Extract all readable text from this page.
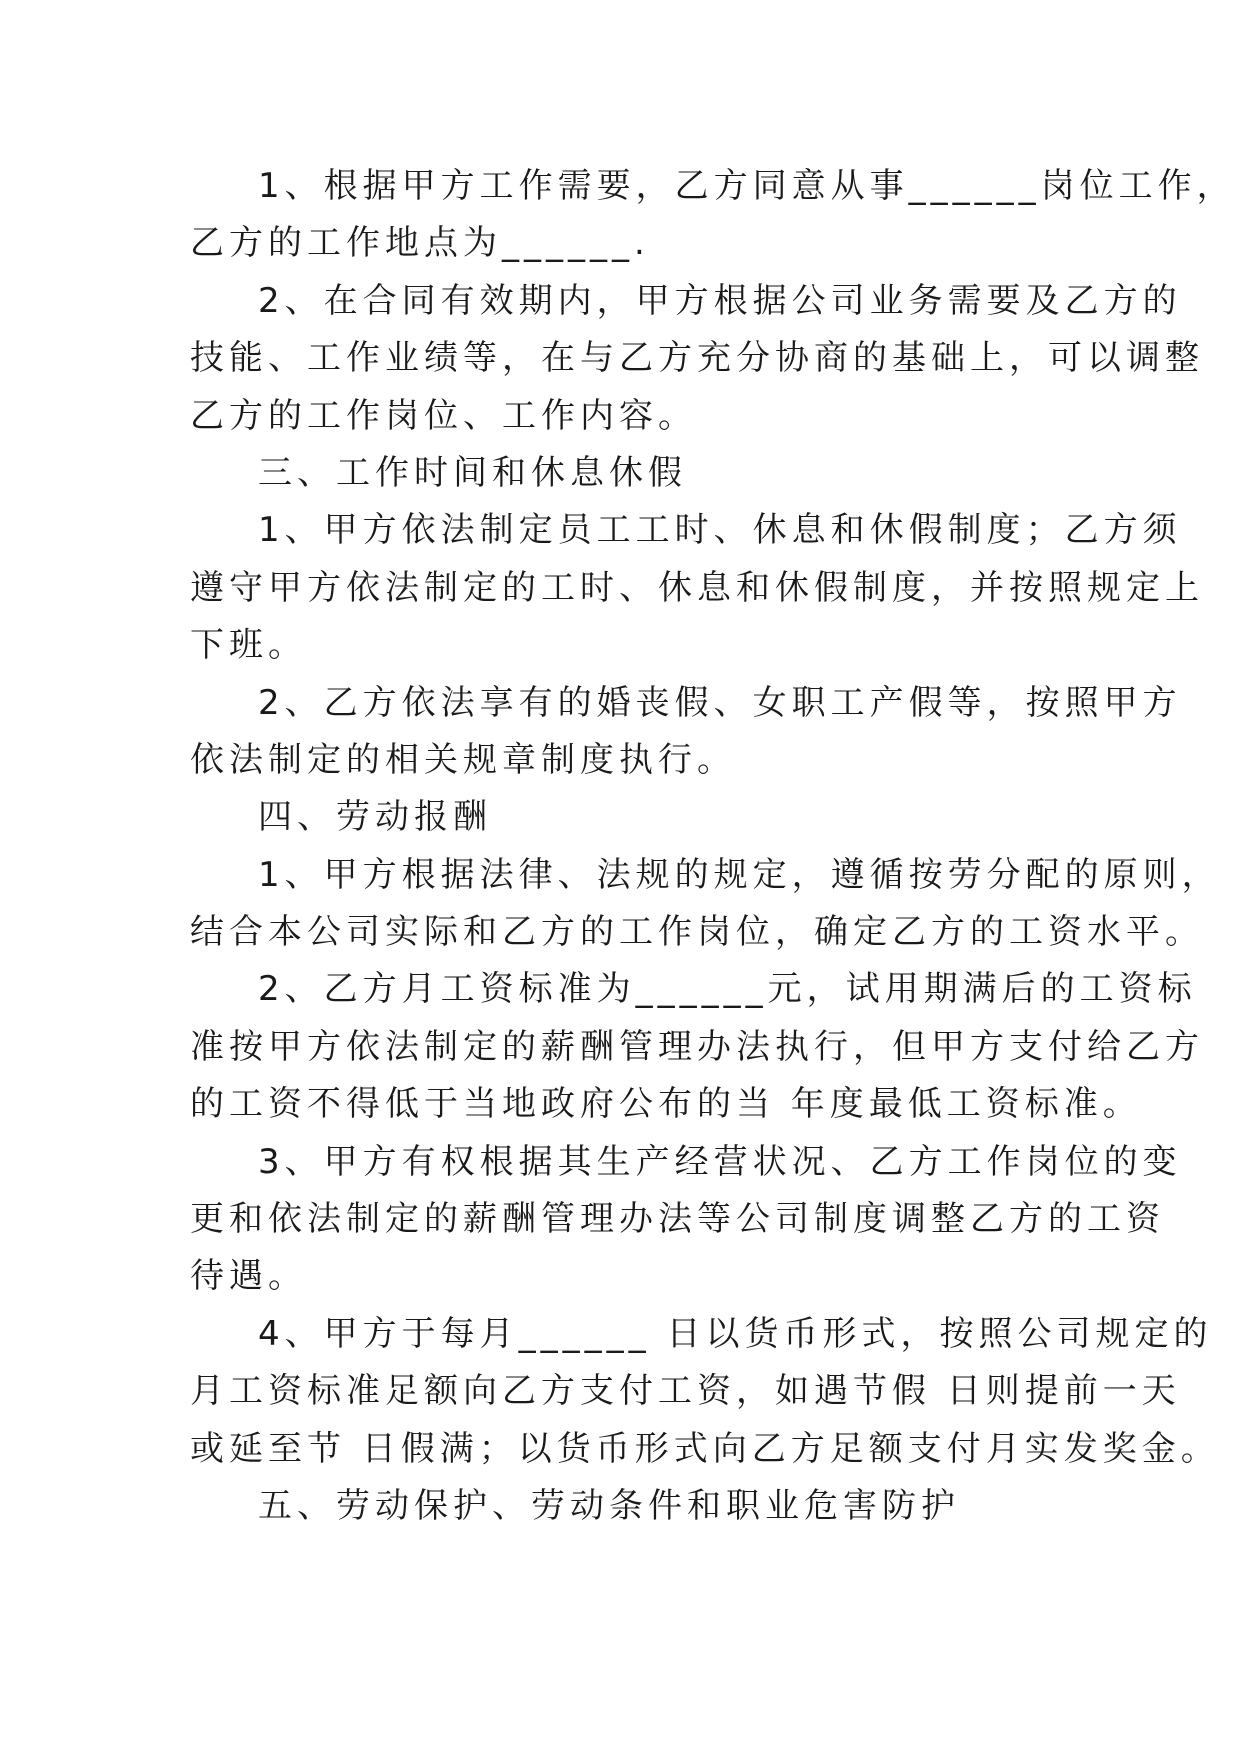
1、根据甲方工作需要，乙方同意从事______岗位工作，
乙方的工作地点为______.
2、在合同有效期内，甲方根据公司业务需要及乙方的
技能、工作业绩等，在与乙方充分协商的基础上，可以调整
乙方的工作岗位、工作内容。
三、工作时间和休息休假
1、甲方依法制定员工工时、休息和休假制度；乙方须
遵守甲方依法制定的工时、休息和休假制度，并按照规定上
下班。
2、乙方依法享有的婚丧假、女职工产假等，按照甲方
依法制定的相关规章制度执行。
四、劳动报酬
1、甲方根据法律、法规的规定，遵循按劳分配的原则，
结合本公司实际和乙方的工作岗位，确定乙方的工资水平。
2、乙方月工资标准为______元，试用期满后的工资标
准按甲方依法制定的薪酬管理办法执行，但甲方支付给乙方
的工资不得低于当地政府公布的当 年度最低工资标准。
3、甲方有权根据其生产经营状况、乙方工作岗位的变
更和依法制定的薪酬管理办法等公司制度调整乙方的工资
待遇。
4、甲方于每月______ 日以货币形式，按照公司规定的
月工资标准足额向乙方支付工资，如遇节假 日则提前一天
或延至节 日假满；以货币形式向乙方足额支付月实发奖金。
五、劳动保护、劳动条件和职业危害防护
